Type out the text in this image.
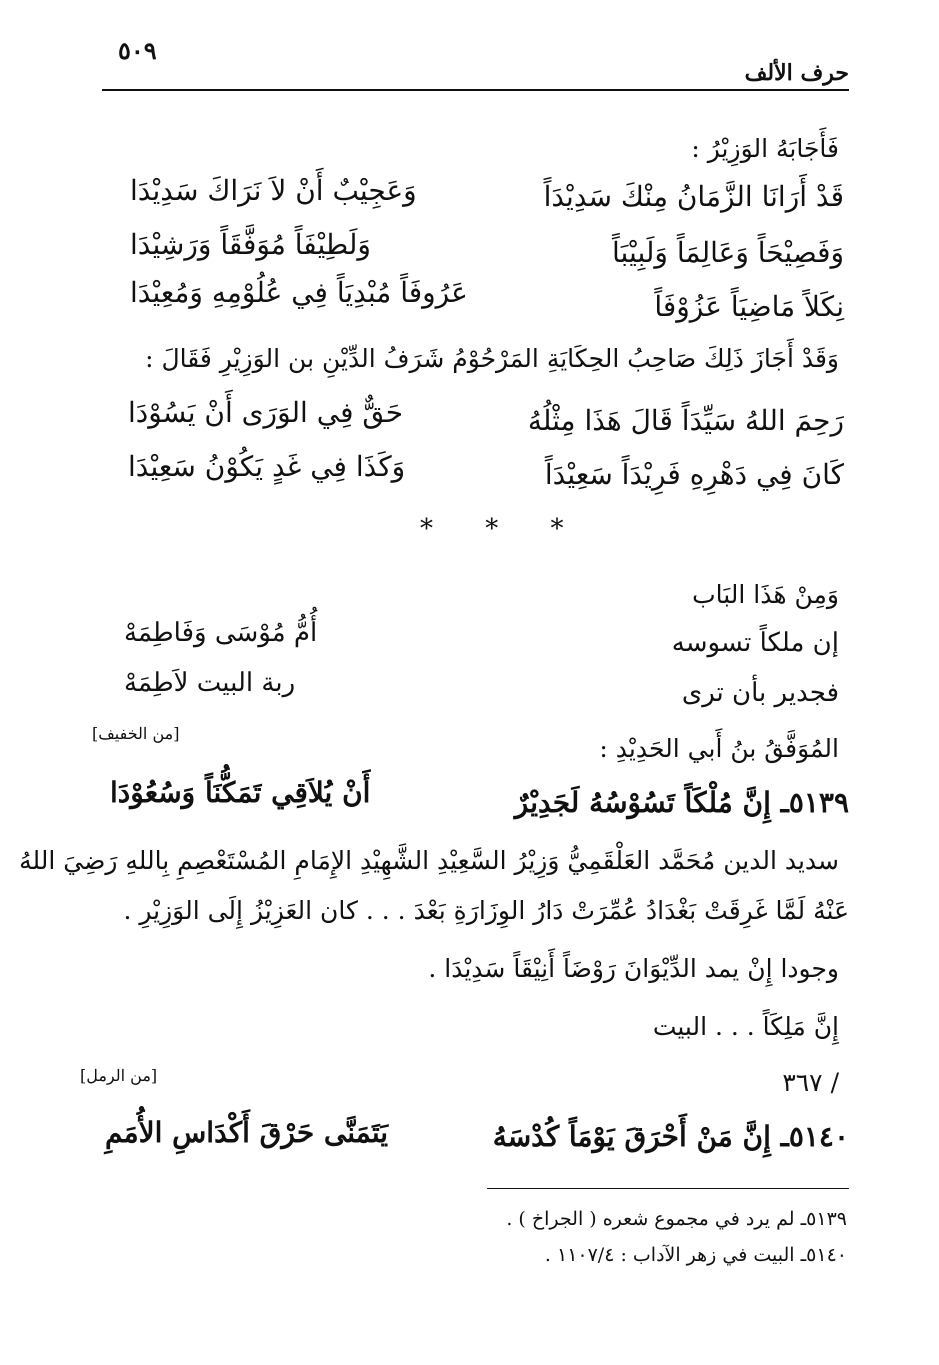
حرف الألف
٥٠٩
فَأَجَابَهُ الوَزِيْرُ :
قَدْ أَرَانَا الزَّمَانُ مِنْكَ سَدِيْدَاً
وَعَجِيْبٌ أَنْ لاَ نَرَاكَ سَدِيْدَا
وَفَصِيْحَاً وَعَالِمَاً وَلَبِيْبَاً
وَلَطِيْفَاً مُوَفَّقَاً وَرَشِيْدَا
نِكَلاً مَاضِيَاً عَزُوْفَاً
عَرُوفَاً مُبْدِيَاً فِي عُلُوْمِهِ وَمُعِيْدَا
وَقَدْ أَجَازَ ذَلِكَ صَاحِبُ الحِكَايَةِ المَرْحُوْمُ شَرَفُ الدِّيْنِ بن الوَزِيْرِ فَقَالَ :
رَحِمَ اللهُ سَيِّدَاً قَالَ هَذَا مِثْلُهُ
حَقٌّ فِي الوَرَى أَنْ يَسُوْدَا
كَانَ فِي دَهْرِهِ فَرِيْدَاً سَعِيْدَاً
وَكَذَا فِي غَدٍ يَكُوْنُ سَعِيْدَا
* * *
وَمِنْ هَذَا البَاب
إن ملكاً تسوسه
أُمُّ مُوْسَى وَفَاطِمَهْ
فجدير بأن ترى
ربة البيت لاَطِمَهْ
[من الخفيف]
المُوَفَّقُ بنُ أَبي الحَدِيْدِ :
٥١٣٩ـ إِنَّ مُلْكَاً تَسُوْسُهُ لَجَدِيْرٌ
أَنْ يُلاَقِي تَمَكُّنَاً وَسُعُوْدَا
سديد الدين مُحَمَّد العَلْقَمِيُّ وَزِيْرُ السَّعِيْدِ الشَّهِيْدِ الإِمَامِ المُسْتَعْصِمِ بِاللهِ رَضِيَ اللهُ
عَنْهُ لَمَّا غَرِقَتْ بَغْدَادُ عُمِّرَتْ دَارُ الوِزَارَةِ بَعْدَ . . . كان العَزِيْزُ إِلَى الوَزِيْرِ .
وجودا إِنْ يمد الدِّيْوَانَ رَوْضَاً أَنِيْقَاً سَدِيْدَا .
إِنَّ مَلِكَاً . . . البيت
[من الرمل]	/ ٣٦٧
٥١٤٠ـ إِنَّ مَنْ أَحْرَقَ يَوْمَاً كُدْسَهُ
يَتَمَنَّى حَرْقَ أَكْدَاسِ الأُمَمِ
٥١٣٩ـ لم يرد في مجموع شعره ( الجراخ ) .
٥١٤٠ـ البيت في زهر الآداب : ١١٠٧/٤ .
